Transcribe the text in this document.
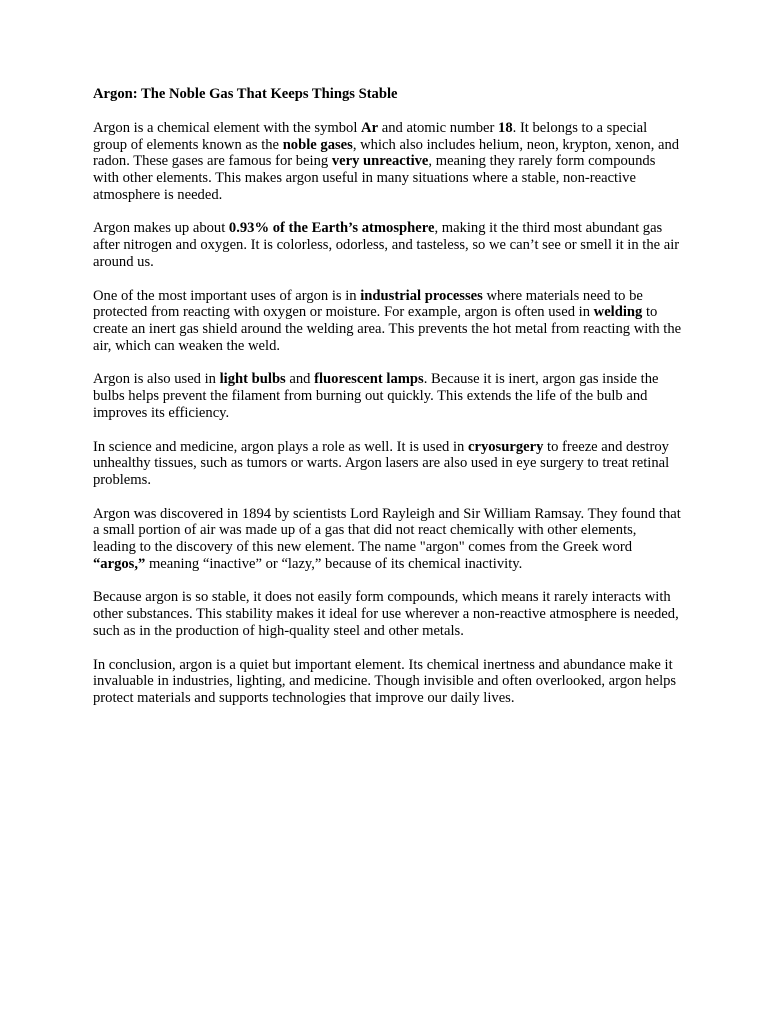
Argon: The Noble Gas That Keeps Things Stable
Argon is a chemical element with the symbol Ar and atomic number 18. It belongs to a special group of elements known as the noble gases, which also includes helium, neon, krypton, xenon, and radon. These gases are famous for being very unreactive, meaning they rarely form compounds with other elements. This makes argon useful in many situations where a stable, non-reactive atmosphere is needed.
Argon makes up about 0.93% of the Earth’s atmosphere, making it the third most abundant gas after nitrogen and oxygen. It is colorless, odorless, and tasteless, so we can’t see or smell it in the air around us.
One of the most important uses of argon is in industrial processes where materials need to be protected from reacting with oxygen or moisture. For example, argon is often used in welding to create an inert gas shield around the welding area. This prevents the hot metal from reacting with the air, which can weaken the weld.
Argon is also used in light bulbs and fluorescent lamps. Because it is inert, argon gas inside the bulbs helps prevent the filament from burning out quickly. This extends the life of the bulb and improves its efficiency.
In science and medicine, argon plays a role as well. It is used in cryosurgery to freeze and destroy unhealthy tissues, such as tumors or warts. Argon lasers are also used in eye surgery to treat retinal problems.
Argon was discovered in 1894 by scientists Lord Rayleigh and Sir William Ramsay. They found that a small portion of air was made up of a gas that did not react chemically with other elements, leading to the discovery of this new element. The name "argon" comes from the Greek word “argos,” meaning “inactive” or “lazy,” because of its chemical inactivity.
Because argon is so stable, it does not easily form compounds, which means it rarely interacts with other substances. This stability makes it ideal for use wherever a non-reactive atmosphere is needed, such as in the production of high-quality steel and other metals.
In conclusion, argon is a quiet but important element. Its chemical inertness and abundance make it invaluable in industries, lighting, and medicine. Though invisible and often overlooked, argon helps protect materials and supports technologies that improve our daily lives.
